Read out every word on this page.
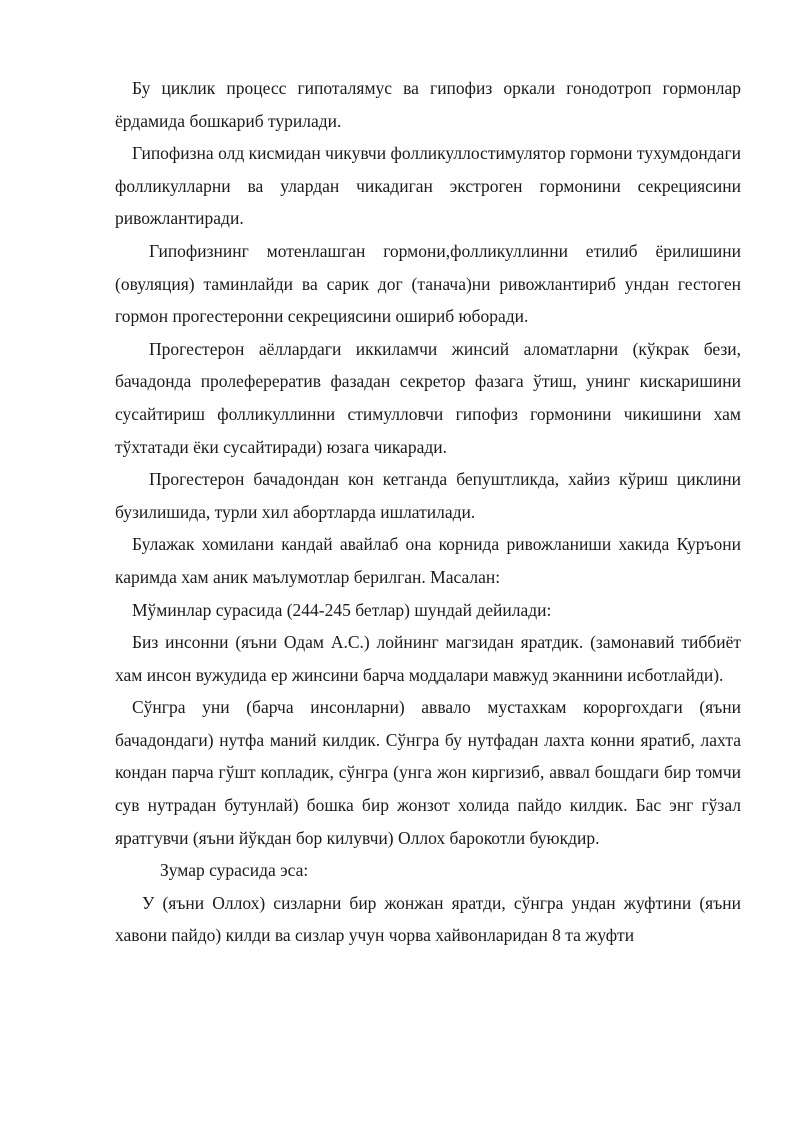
Бу циклик процесс гипоталямус ва гипофиз оркали гонодотроп гормонлар ёрдамида бошкариб турилади.

Гипофизна олд кисмидан чикувчи фолликуллостимулятор гормони тухумдондаги фолликулларни ва улардан чикадиган экстроген гормонини секрециясини ривожлантиради.

Гипофизнинг мотенлашган гормони,фолликуллинни етилиб ёрилишини (овуляция) таминлайди ва сарик дог (танача)ни ривожлантириб ундан гестоген гормон прогестеронни секрециясини ошириб юборади.

Прогестерон аёллардаги иккиламчи жинсий аломатларни (кўкрак бези, бачадонда пролеферератив фазадан секретор фазага ўтиш, унинг кискаришини сусайтириш фолликуллинни стимулловчи гипофиз гормонини чикишини хам тўхтатади ёки сусайтиради) юзага чикаради.

Прогестерон бачадондан кон кетганда бепуштликда, хайиз кўриш циклини бузилишида, турли хил абортларда ишлатилади.

Булажак хомилани кандай авайлаб она корнида ривожланиши хакида Куръони каримда хам аник маълумотлар берилган. Масалан:

Мўминлар сурасида (244-245 бетлар) шундай дейилади:

Биз инсонни (яъни Одам А.С.) лойнинг магзидан яратдик. (замонавий тиббиёт хам инсон вужудида ер жинсини барча моддалари мавжуд эканнини исботлайди).

Сўнгра уни (барча инсонларни) аввало мустахкам короргохдаги (яъни бачадондаги) нутфа маний килдик. Сўнгра бу нутфадан лахта конни яратиб, лахта кондан парча гўшт копладик, сўнгра (унга жон киргизиб, аввал бошдаги бир томчи сув нутрадан бутунлай) бошка бир жонзот холида пайдо килдик. Бас энг гўзал яратгувчи (яъни йўкдан бор килувчи) Оллох барокотли буюкдир.

Зумар сурасида эса:

У (яъни Оллох) сизларни бир жонжан яратди, сўнгра ундан жуфтини (яъни хавони пайдо) килди ва сизлар учун чорва хайвонларидан 8 та жуфти
